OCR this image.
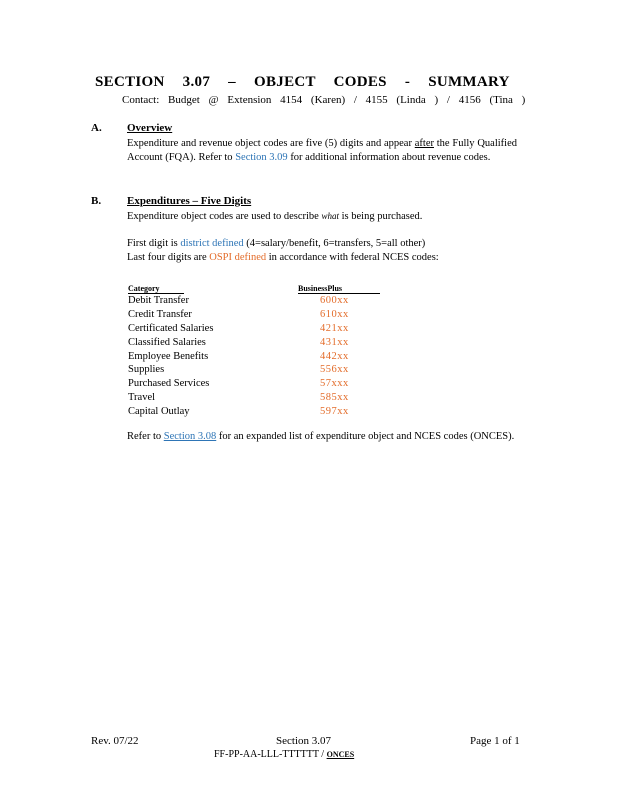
SECTION 3.07 – OBJECT CODES - SUMMARY
Contact: Budget @ Extension 4154 (Karen) / 4155 (Linda ) / 4156 (Tina )
A. Overview
Expenditure and revenue object codes are five (5) digits and appear after the Fully Qualified Account (FQA). Refer to Section 3.09 for additional information about revenue codes.
B. Expenditures – Five Digits
Expenditure object codes are used to describe what is being purchased.
First digit is district defined (4=salary/benefit, 6=transfers, 5=all other)
Last four digits are OSPI defined in accordance with federal NCES codes:
Category	BusinessPlus
Debit Transfer	600xx
Credit Transfer	610xx
Certificated Salaries	421xx
Classified Salaries	431xx
Employee Benefits	442xx
Supplies	556xx
Purchased Services	57xxx
Travel	585xx
Capital Outlay	597xx
Refer to Section 3.08 for an expanded list of expenditure object and NCES codes (ONCES).
Rev. 07/22	Section 3.07	Page 1 of 1
FF-PP-AA-LLL-TTTTTT / ONCES
